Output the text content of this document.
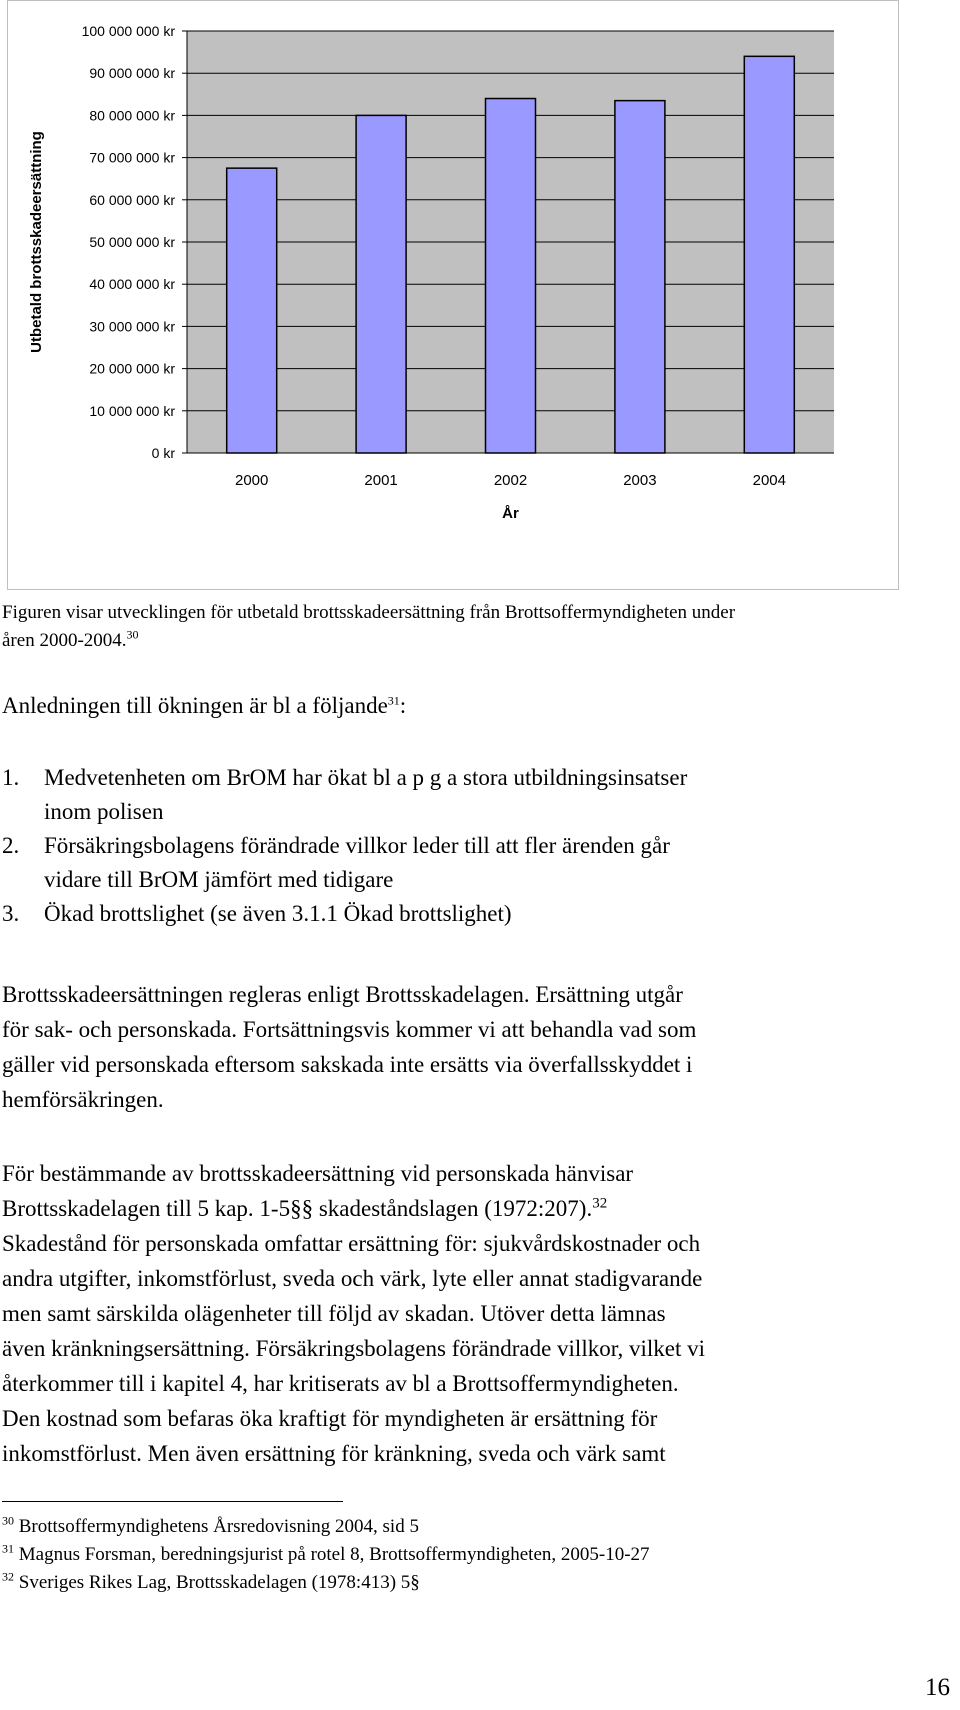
0 kr
10 000 000 kr
20 000 000 kr
30 000 000 kr
40 000 000 kr
50 000 000 kr
60 000 000 kr
70 000 000 kr
80 000 000 kr
90 000 000 kr
100 000 000 kr
2000	2001	2002	2003	2004
År
Utbetald brottsskadeersättning
Figuren visar utvecklingen för utbetald brottsskadeersättning från Brottsoffermyndigheten under
åren 2000-2004.30
Anledningen till ökningen är bl a följande$^{31}$:
1. Medvetenheten om BrOM har ökat bl a p g a stora utbildningsinsatser
inom polisen
2. Försäkringsbolagens förändrade villkor leder till att fler ärenden går
vidare till BrOM jämfört med tidigare
3. Ökad brottslighet (se även 3.1.1 Ökad brottslighet)
Brottsskadeersättningen regleras enligt Brottsskadelagen. Ersättning utgår
för sak- och personskada. Fortsättningsvis kommer vi att behandla vad som
gäller vid personskada eftersom sakskada inte ersätts via överfallsskyddet i
hemförsäkringen.
För bestämmande av brottsskadeersättning vid personskada hänvisar
Brottsskadelagen till 5 kap. 1-5§§ skadeståndslagen (1972:207).$^{32}$
Skadestånd för personskada omfattar ersättning för: sjukvårdskostnader och
andra utgifter, inkomstförlust, sveda och värk, lyte eller annat stadigvarande
men samt särskilda olägenheter till följd av skadan. Utöver detta lämnas
även kränkningsersättning. Försäkringsbolagens förändrade villkor, vilket vi
återkommer till i kapitel 4, har kritiserats av bl a Brottsoffermyndigheten.
Den kostnad som befaras öka kraftigt för myndigheten är ersättning för
inkomstförlust. Men även ersättning för kränkning, sveda och värk samt
$^{30}$ Brottsoffermyndighetens Årsredovisning 2004, sid 5
$^{31}$ Magnus Forsman, beredningsjurist på rotel 8, Brottsoffermyndigheten, 2005-10-27
$^{32}$ Sveriges Rikes Lag, Brottsskadelagen (1978:413) 5§
16
